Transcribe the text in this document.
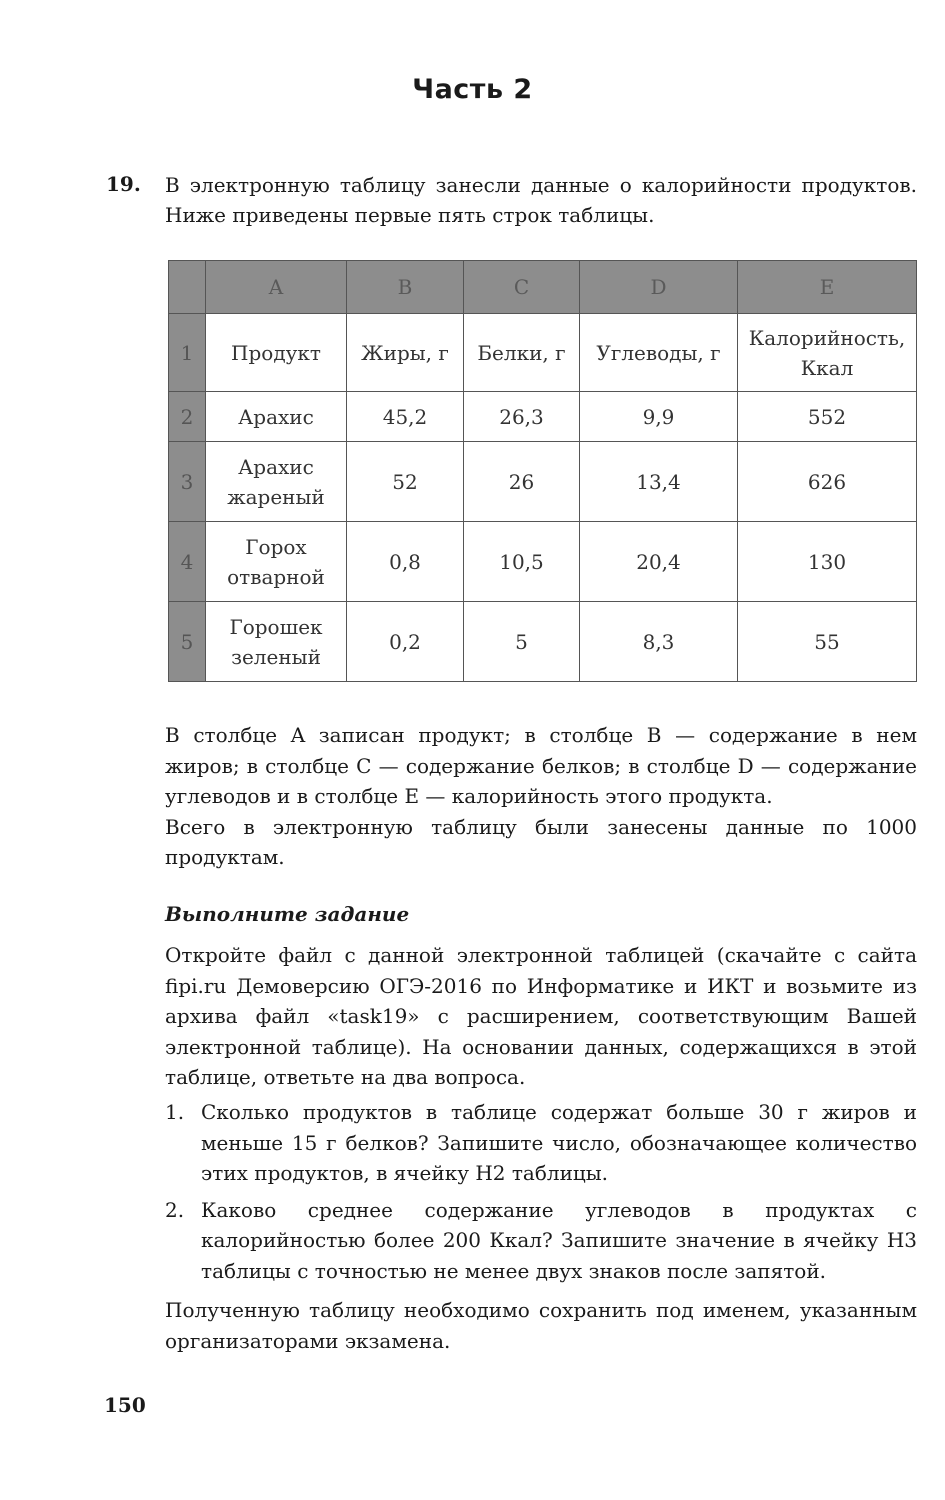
Часть 2
19. В электронную таблицу занесли данные о калорийности продуктов. Ниже приведены первые пять строк таблицы.
	A	B	C	D	E
1	Продукт	Жиры, г	Белки, г	Углеводы, г	Калорийность, Ккал
2	Арахис	45,2	26,3	9,9	552
3	Арахис жареный	52	26	13,4	626
4	Горох отварной	0,8	10,5	20,4	130
5	Горошек зеленый	0,2	5	8,3	55

В столбце A записан продукт; в столбце B — содержание в нем жиров; в столбце C — содержание белков; в столбце D — содержание углеводов и в столбце E — калорийность этого продукта.

Всего в электронную таблицу были занесены данные по 1000 продуктам.

Выполните задание
Откройте файл с данной электронной таблицей (скачайте с сайта fipi.ru Демоверсию ОГЭ-2016 по Информатике и ИКТ и возьмите из архива файл «task19» с расширением, соответствующим Вашей электронной таблице). На основании данных, содержащихся в этой таблице, ответьте на два вопроса.
1. Сколько продуктов в таблице содержат больше 30 г жиров и меньше 15 г белков? Запишите число, обозначающее количество этих продуктов, в ячейку H2 таблицы.
2. Каково среднее содержание углеводов в продуктах с калорийностью более 200 Ккал? Запишите значение в ячейку H3 таблицы с точностью не менее двух знаков после запятой.
Полученную таблицу необходимо сохранить под именем, указанным организаторами экзамена.
150
